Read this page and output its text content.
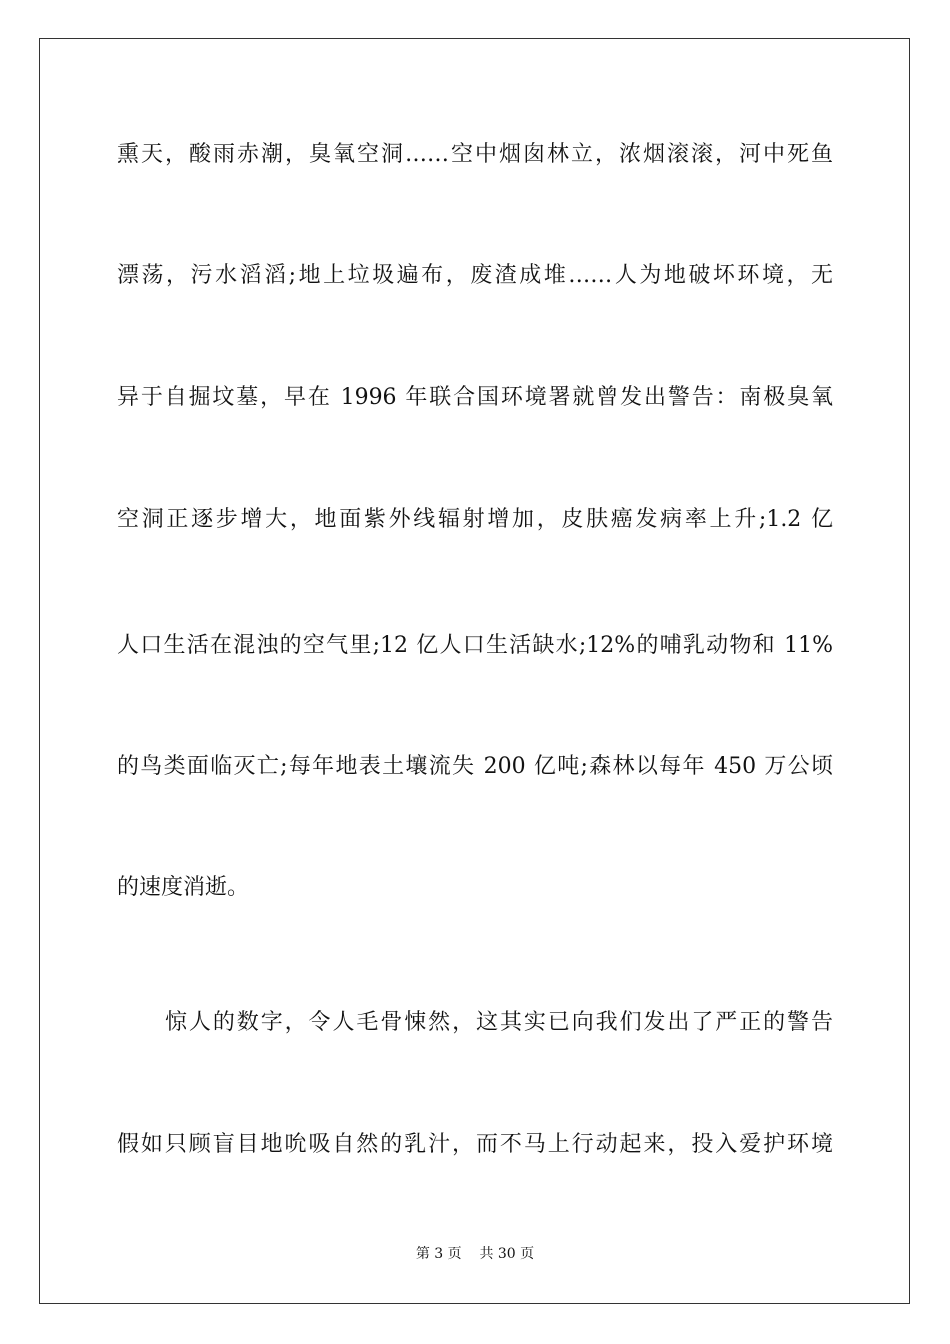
熏天，酸雨赤潮，臭氧空洞……空中烟囱林立，浓烟滚滚，河中死鱼
漂荡，污水滔滔;地上垃圾遍布，废渣成堆……人为地破坏环境，无
异于自掘坟墓，早在 1996 年联合国环境署就曾发出警告：南极臭氧
空洞正逐步增大，地面紫外线辐射增加，皮肤癌发病率上升;1.2 亿
人口生活在混浊的空气里;12 亿人口生活缺水;12%的哺乳动物和 11%
的鸟类面临灭亡;每年地表土壤流失 200 亿吨;森林以每年 450 万公顷
的速度消逝。
惊人的数字，令人毛骨悚然，这其实已向我们发出了严正的警告
假如只顾盲目地吮吸自然的乳汁，而不马上行动起来，投入爱护环境
第 3 页 共 30 页
